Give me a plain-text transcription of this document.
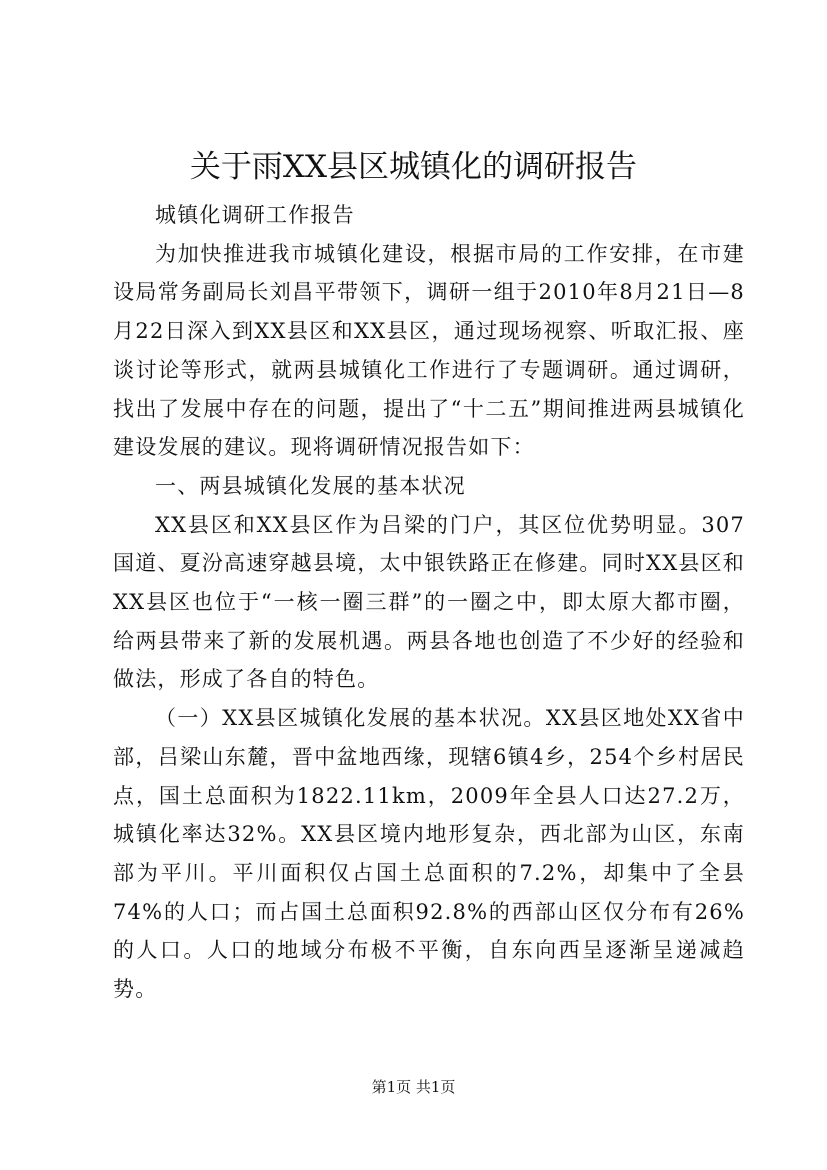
关于雨XX县区城镇化的调研报告

城镇化调研工作报告

为加快推进我市城镇化建设，根据市局的工作安排，在市建设局常务副局长刘昌平带领下，调研一组于2010年8月21日—8月22日深入到XX县区和XX县区，通过现场视察、听取汇报、座谈讨论等形式，就两县城镇化工作进行了专题调研。通过调研，找出了发展中存在的问题，提出了“十二五”期间推进两县城镇化建设发展的建议。现将调研情况报告如下：

一、两县城镇化发展的基本状况

XX县区和XX县区作为吕梁的门户，其区位优势明显。307国道、夏汾高速穿越县境，太中银铁路正在修建。同时XX县区和XX县区也位于“一核一圈三群”的一圈之中，即太原大都市圈，给两县带来了新的发展机遇。两县各地也创造了不少好的经验和做法，形成了各自的特色。

（一）XX县区城镇化发展的基本状况。XX县区地处XX省中部，吕梁山东麓，晋中盆地西缘，现辖6镇4乡，254个乡村居民点，国土总面积为1822.11km，2009年全县人口达27.2万，城镇化率达32%。XX县区境内地形复杂，西北部为山区，东南部为平川。平川面积仅占国土总面积的7.2%，却集中了全县74%的人口；而占国土总面积92.8%的西部山区仅分布有26%的人口。人口的地域分布极不平衡，自东向西呈逐渐呈递减趋势。

第1页 共1页
